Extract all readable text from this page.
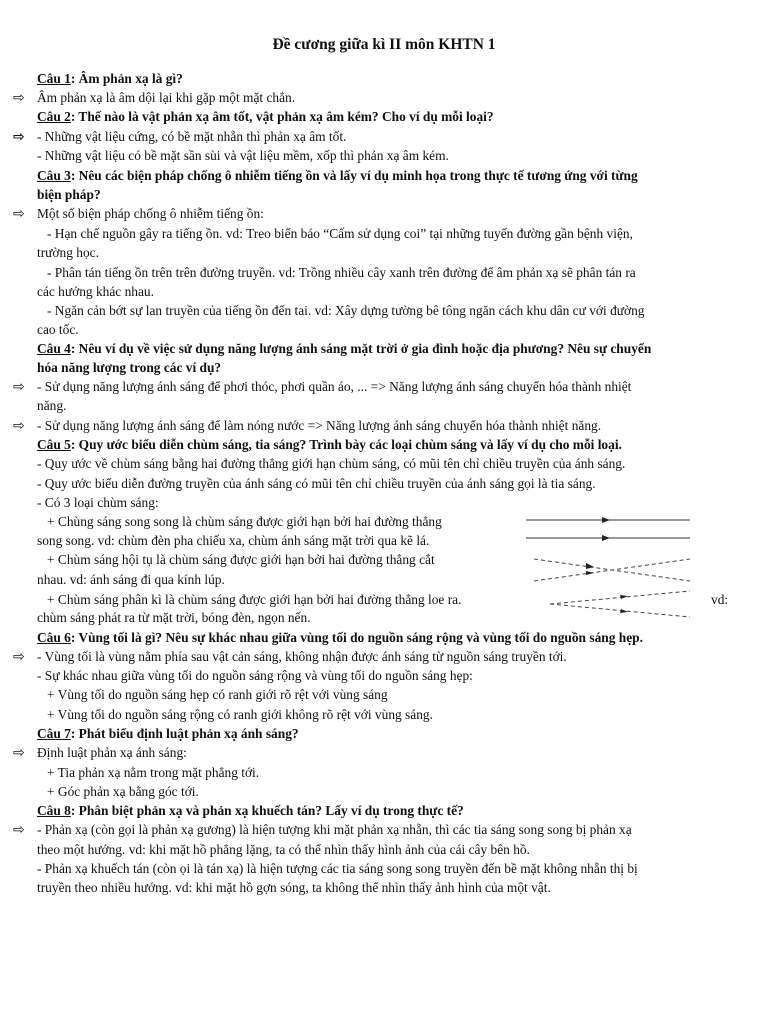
Đề cương giữa kì II môn KHTN 1
Câu 1: Âm phản xạ là gì?
⇨ Âm phản xạ là âm dội lại khi gặp một mặt chắn.
Câu 2: Thế nào là vật phản xạ âm tốt, vật phản xạ âm kém? Cho ví dụ mỗi loại?
⇨ - Những vật liệu cứng, có bề mặt nhẵn thì phản xạ âm tốt.
- Những vật liệu có bề mặt sần sùi và vật liệu mềm, xốp thì phản xạ âm kém.
Câu 3: Nêu các biện pháp chống ô nhiễm tiếng ồn và lấy ví dụ minh họa trong thực tế tương ứng với từng
biện pháp?
⇨ Một số biện pháp chống ô nhiễm tiếng ồn:
- Hạn chế nguồn gây ra tiếng ồn. vd: Treo biển báo “Cấm sử dụng coi” tại những tuyến đường gần bệnh viện,
trường học.
- Phân tán tiếng ồn trên trên đường truyền. vd: Trồng nhiều cây xanh trên đường để âm phản xạ sẽ phân tán ra
các hướng khác nhau.
- Ngăn cản bớt sự lan truyền của tiếng ồn đến tai. vd: Xây dựng tường bê tông ngăn cách khu dân cư với đường
cao tốc.
Câu 4: Nêu ví dụ về việc sử dụng năng lượng ánh sáng mặt trời ở gia đình hoặc địa phương? Nêu sự chuyển
hóa năng lượng trong các ví dụ?
⇨ - Sử dụng năng lượng ánh sáng để phơi thóc, phơi quần áo, ... => Năng lượng ánh sáng chuyển hóa thành nhiệt
năng.
⇨ - Sử dụng năng lượng ánh sáng để làm nóng nước => Năng lượng ánh sáng chuyển hóa thành nhiệt năng.
Câu 5: Quy ước biểu diễn chùm sáng, tia sáng? Trình bày các loại chùm sáng và lấy ví dụ cho mỗi loại.
- Quy ước về chùm sáng bằng hai đường thẳng giới hạn chùm sáng, có mũi tên chỉ chiều truyền của ánh sáng.
- Quy ước biểu diễn đường truyền của ánh sáng có mũi tên chỉ chiều truyền của ánh sáng gọi là tia sáng.
- Có 3 loại chùm sáng:
+ Chùng sáng song song là chùm sáng được giới hạn bởi hai đường thẳng
song song. vd: chùm đèn pha chiếu xa, chùm ánh sáng mặt trời qua kẽ lá.
+ Chùm sáng hội tụ là chùm sáng được giới hạn bởi hai đường thẳng cắt
nhau. vd: ánh sáng đi qua kính lúp.
+ Chùm sáng phân kì là chùm sáng được giới hạn bởi hai đường thẳng loe ra.	vd:
chùm sáng phát ra từ mặt trời, bóng đèn, ngọn nến.
Câu 6: Vùng tối là gì? Nêu sự khác nhau giữa vùng tối do nguồn sáng rộng và vùng tối do nguồn sáng hẹp.
⇨ - Vùng tối là vùng nằm phía sau vật cản sáng, không nhận được ánh sáng từ nguồn sáng truyền tới.
- Sự khác nhau giữa vùng tối do nguồn sáng rộng và vùng tối do nguồn sáng hẹp:
+ Vùng tối do nguồn sáng hẹp có ranh giới rõ rệt với vùng sáng
+ Vùng tối do nguồn sáng rộng có ranh giới không rõ rệt với vùng sáng.
Câu 7: Phát biểu định luật phản xạ ánh sáng?
⇨ Định luật phản xạ ánh sáng:
+ Tia phản xạ nằm trong mặt phẳng tới.
+ Góc phản xạ bằng góc tới.
Câu 8: Phân biệt phản xạ và phản xạ khuếch tán? Lấy ví dụ trong thực tế?
⇨ - Phản xạ (còn gọi là phản xạ gương) là hiện tượng khi mặt phản xạ nhẵn, thì các tia sáng song song bị phản xạ
theo một hướng. vd: khi mặt hồ phẳng lặng, ta có thể nhìn thấy hình ảnh của cái cây bên hồ.
- Phản xạ khuếch tán (còn ọi là tán xạ) là hiện tượng các tia sáng song song truyền đến bề mặt không nhẵn thị bị
truyền theo nhiều hướng. vd: khi mặt hồ gợn sóng, ta không thể nhìn thấy ảnh hình của một vật.
